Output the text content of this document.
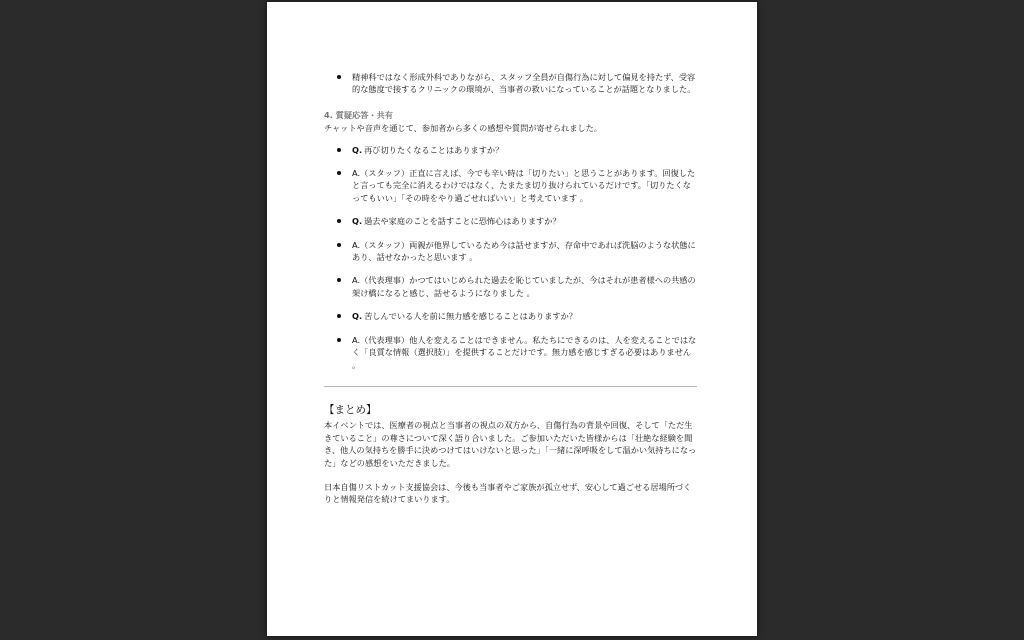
精神科ではなく形成外科でありながら、スタッフ全員が自傷行為に対して偏見を持たず、受容的な態度で接するクリニックの環境が、当事者の救いになっていることが話題となりました。
4. 質疑応答・共有

チャットや音声を通じて、参加者から多くの感想や質問が寄せられました。

Q. 再び切りたくなることはありますか？
A.（スタッフ）正直に言えば、今でも辛い時は「切りたい」と思うことがあります。回復したと言っても完全に消えるわけではなく、たまたま切り抜けられているだけです。「切りたくなってもいい」「その時をやり過ごせればいい」と考えています 。
Q. 過去や家庭のことを話すことに恐怖心はありますか？
A.（スタッフ）両親が他界しているため今は話せますが、存命中であれば洗脳のような状態にあり、話せなかったと思います 。
A.（代表理事）かつてはいじめられた過去を恥じていましたが、今はそれが患者様への共感の架け橋になると感じ、話せるようになりました 。
Q. 苦しんでいる人を前に無力感を感じることはありますか？
A.（代表理事）他人を変えることはできません。私たちにできるのは、人を変えることではなく「良質な情報（選択肢）」を提供することだけです。無力感を感じすぎる必要はありません 。
【まとめ】

本イベントでは、医療者の視点と当事者の視点の双方から、自傷行為の背景や回復、そして「ただ生きていること」の尊さについて深く語り合いました。ご参加いただいた皆様からは「壮絶な経験を聞き、他人の気持ちを勝手に決めつけてはいけないと思った」「一緒に深呼吸をして温かい気持ちになった」などの感想をいただきました。

日本自傷リストカット支援協会は、今後も当事者やご家族が孤立せず、安心して過ごせる居場所づくりと情報発信を続けてまいります。
